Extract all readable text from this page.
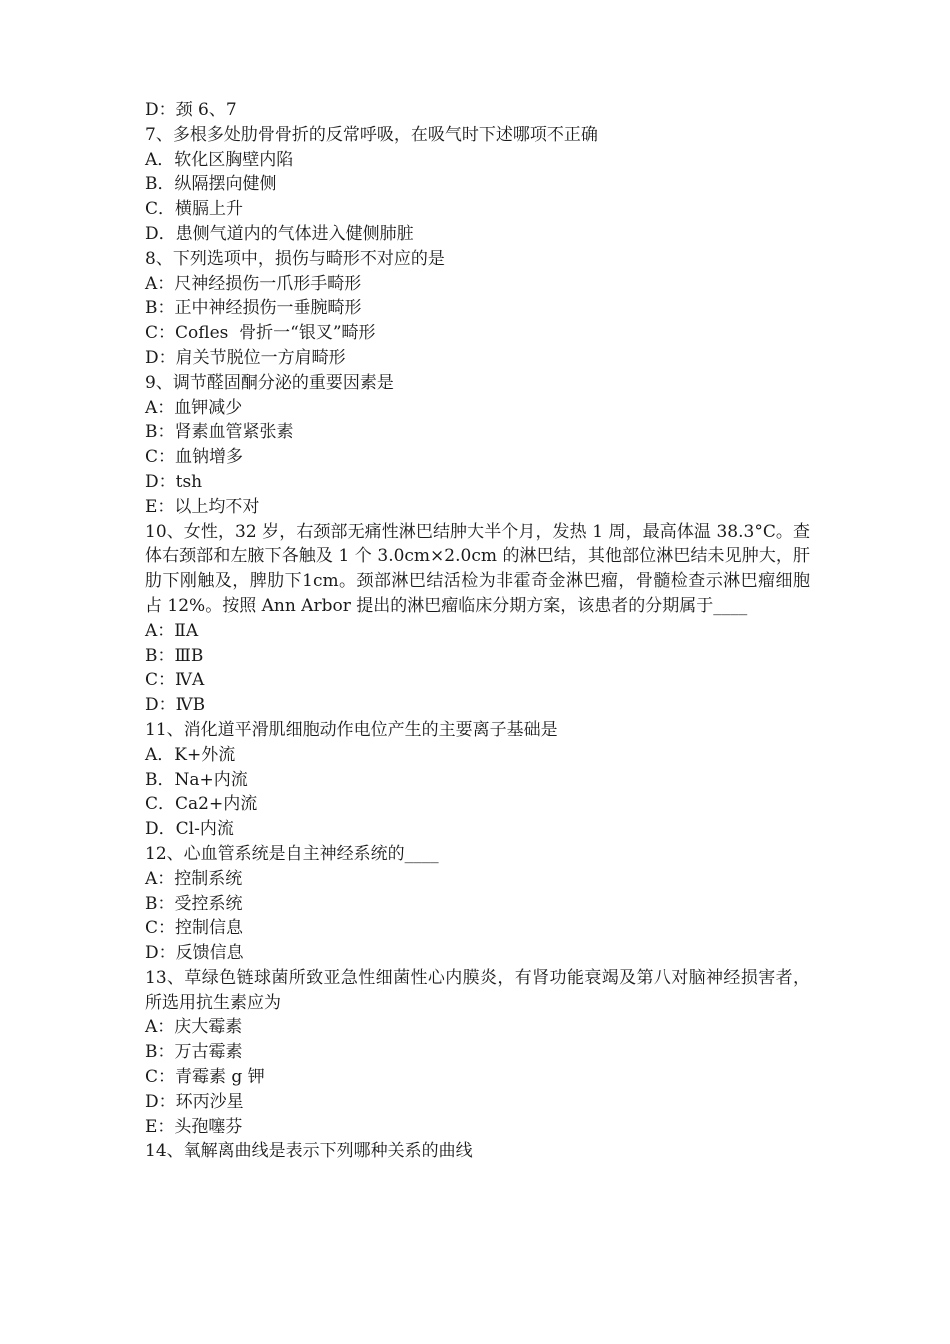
D：颈 6、7
7、多根多处肋骨骨折的反常呼吸，在吸气时下述哪项不正确
A．软化区胸壁内陷
B．纵隔摆向健侧
C．横膈上升
D．患侧气道内的气体进入健侧肺脏
8、下列选项中，损伤与畸形不对应的是
A：尺神经损伤一爪形手畸形
B：正中神经损伤一垂腕畸形
C：Cofles  骨折一“银叉”畸形
D：肩关节脱位一方肩畸形
9、调节醛固酮分泌的重要因素是
A：血钾减少
B：肾素血管紧张素
C：血钠增多
D：tsh
E：以上均不对
10、女性，32 岁，右颈部无痛性淋巴结肿大半个月，发热 1 周，最高体温 38.3°C。查体右颈部和左腋下各触及 1 个 3.0cm×2.0cm 的淋巴结，其他部位淋巴结未见肿大，肝肋下刚触及，脾肋下1cm。颈部淋巴结活检为非霍奇金淋巴瘤，骨髓检查示淋巴瘤细胞占 12%。按照 Ann Arbor 提出的淋巴瘤临床分期方案，该患者的分期属于____
A：ⅡA
B：ⅢB
C：ⅣA
D：ⅣB
11、消化道平滑肌细胞动作电位产生的主要离子基础是
A．K+外流
B．Na+内流
C．Ca2+内流
D．Cl-内流
12、心血管系统是自主神经系统的____
A：控制系统
B：受控系统
C：控制信息
D：反馈信息
13、草绿色链球菌所致亚急性细菌性心内膜炎，有肾功能衰竭及第八对脑神经损害者，所选用抗生素应为
A：庆大霉素
B：万古霉素
C：青霉素 g 钾
D：环丙沙星
E：头孢噻芬
14、氧解离曲线是表示下列哪种关系的曲线
